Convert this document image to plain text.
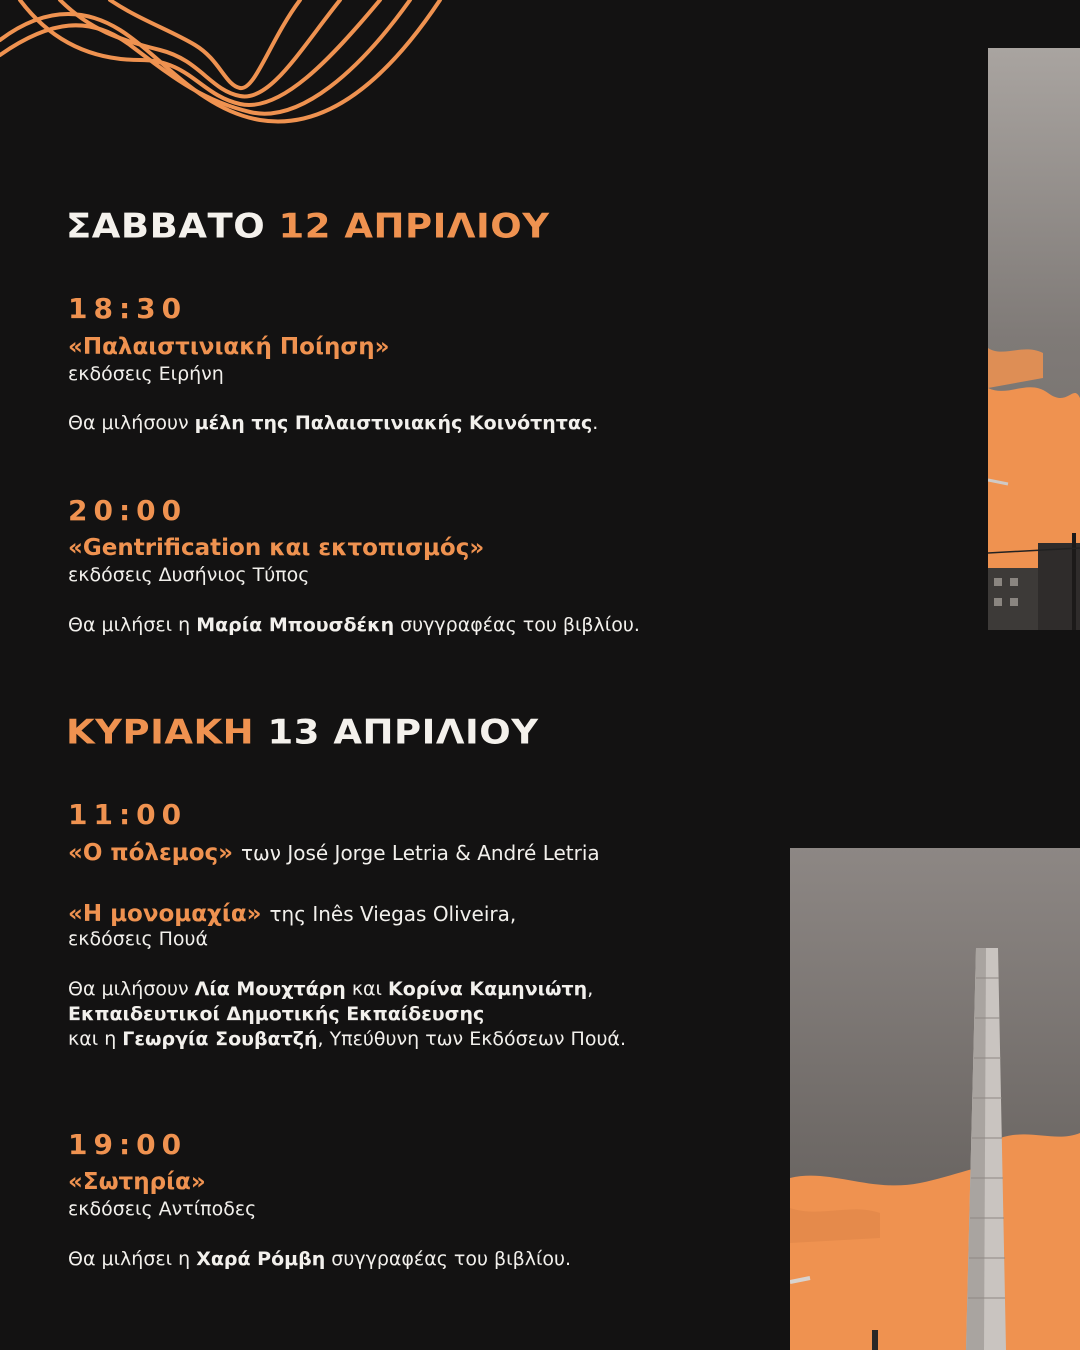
ΣΑΒΒΑΤΟ 12 ΑΠΡΙΛΙΟΥ
18:30
«Παλαιστινιακή Ποίηση»
εκδόσεις Ειρήνη
Θα μιλήσουν μέλη της Παλαιστινιακής Κοινότητας.
20:00
«Gentrification και εκτοπισμός»
εκδόσεις Δυσήνιος Τύπος
Θα μιλήσει η Μαρία Μπουσδέκη συγγραφέας του βιβλίου.
ΚΥΡΙΑΚΗ 13 ΑΠΡΙΛΙΟΥ
11:00
«Ο πόλεμος» των José Jorge Letria & André Letria
«Η μονομαχία» της Inês Viegas Oliveira,
εκδόσεις Πουά
Θα μιλήσουν Λία Μουχτάρη και Κορίνα Καμηνιώτη,
Εκπαιδευτικοί Δημοτικής Εκπαίδευσης
και η Γεωργία Σουβατζή, Υπεύθυνη των Εκδόσεων Πουά.
19:00
«Σωτηρία»
εκδόσεις Αντίποδες
Θα μιλήσει η Χαρά Ρόμβη συγγραφέας του βιβλίου.
